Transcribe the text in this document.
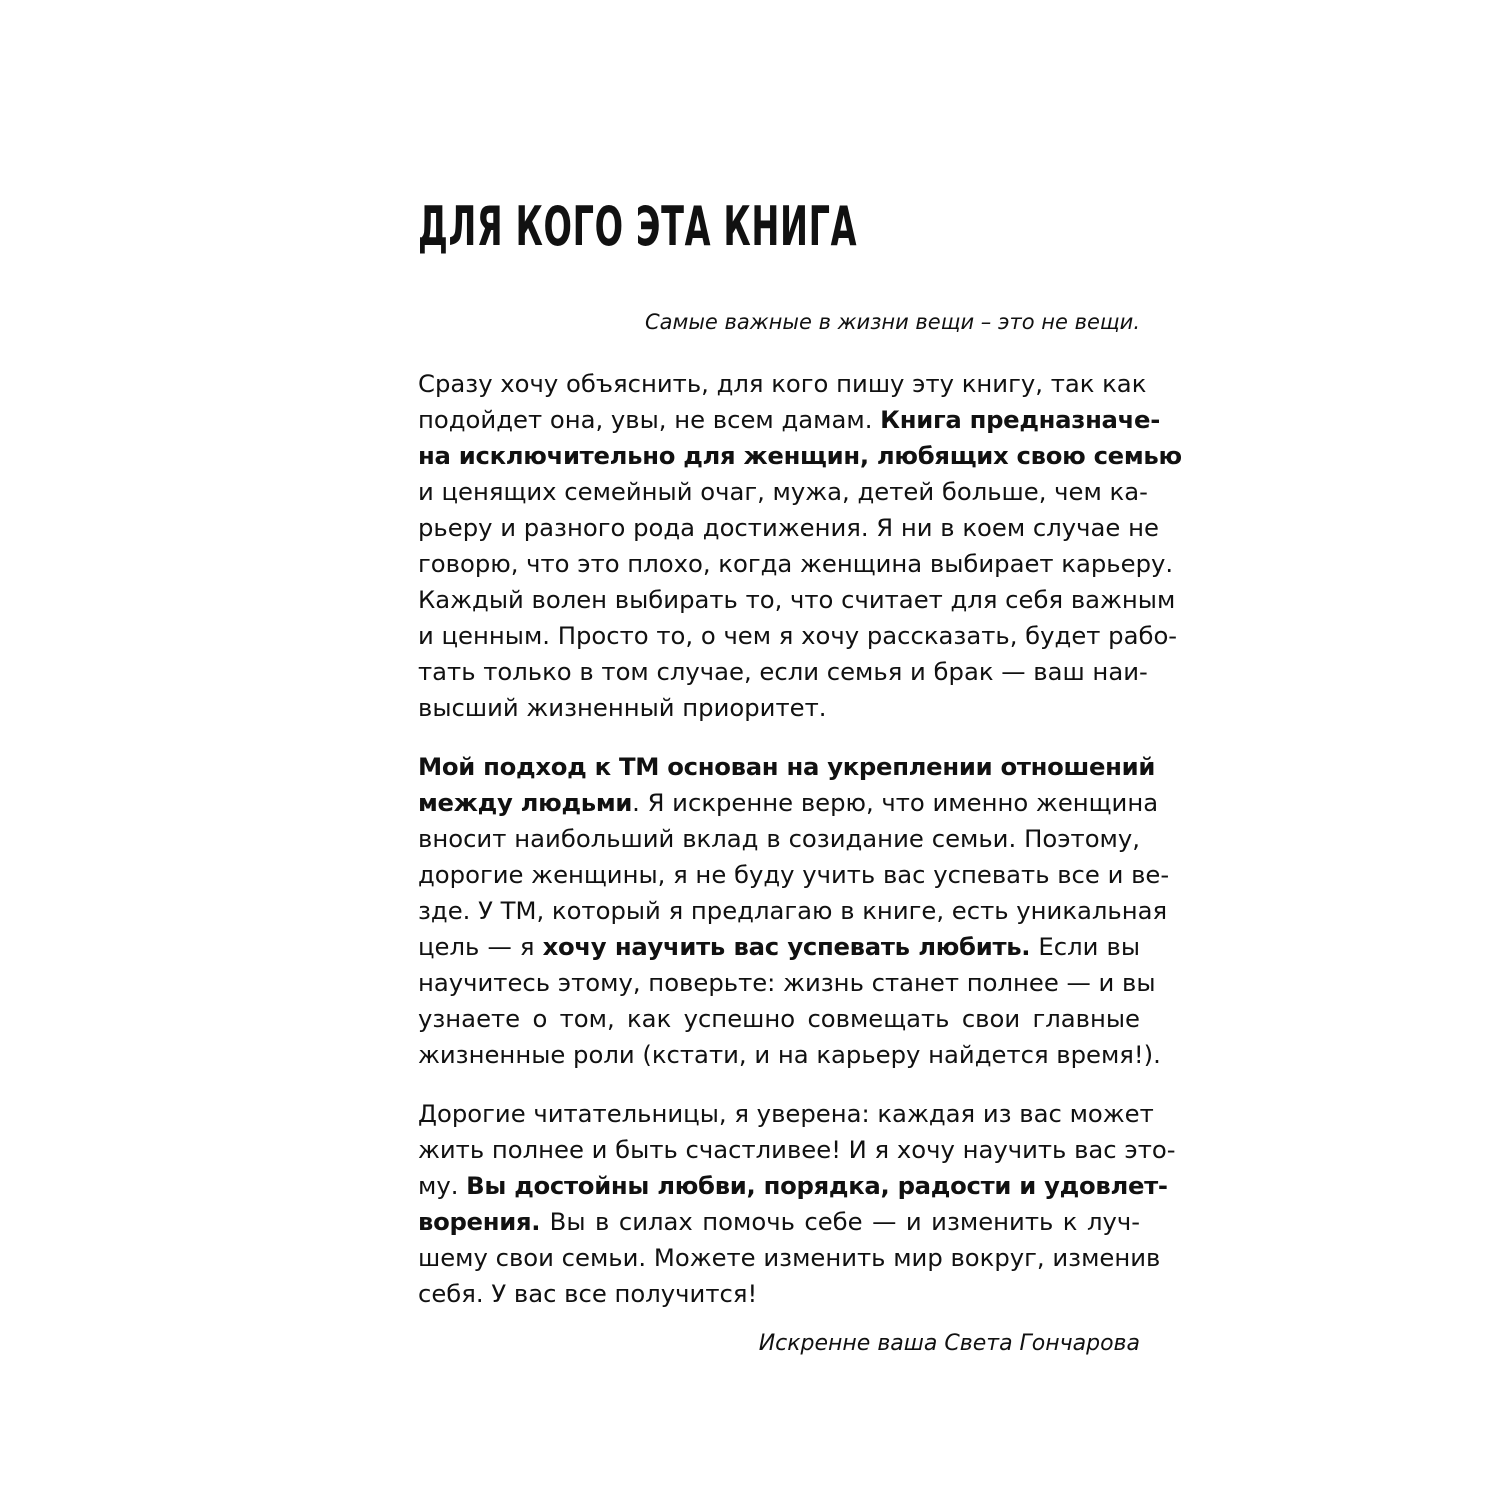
ДЛЯ КОГО ЭТА КНИГА

Самые важные в жизни вещи – это не вещи.

Сразу хочу объяснить, для кого пишу эту книгу, так как
подойдет она, увы, не всем дамам. Книга предназначе-
на исключительно для женщин, любящих свою семью
и ценящих семейный очаг, мужа, детей больше, чем ка-
рьеру и разного рода достижения. Я ни в коем случае не
говорю, что это плохо, когда женщина выбирает карьеру.
Каждый волен выбирать то, что считает для себя важным
и ценным. Просто то, о чем я хочу рассказать, будет рабо-
тать только в том случае, если семья и брак — ваш наи-
высший жизненный приоритет.
Мой подход к ТМ основан на укреплении отношений
между людьми. Я искренне верю, что именно женщина
вносит наибольший вклад в созидание семьи. Поэтому,
дорогие женщины, я не буду учить вас успевать все и ве-
зде. У ТМ, который я предлагаю в книге, есть уникальная
цель — я хочу научить вас успевать любить. Если вы
научитесь этому, поверьте: жизнь станет полнее — и вы
узнаете о том, как успешно совмещать свои главные
жизненные роли (кстати, и на карьеру найдется время!).
Дорогие читательницы, я уверена: каждая из вас может
жить полнее и быть счастливее! И я хочу научить вас это-
му. Вы достойны любви, порядка, радости и удовлет-
ворения. Вы в силах помочь себе — и изменить к луч-
шему свои семьи. Можете изменить мир вокруг, изменив
себя. У вас все получится!

Искренне ваша Света Гончарова
